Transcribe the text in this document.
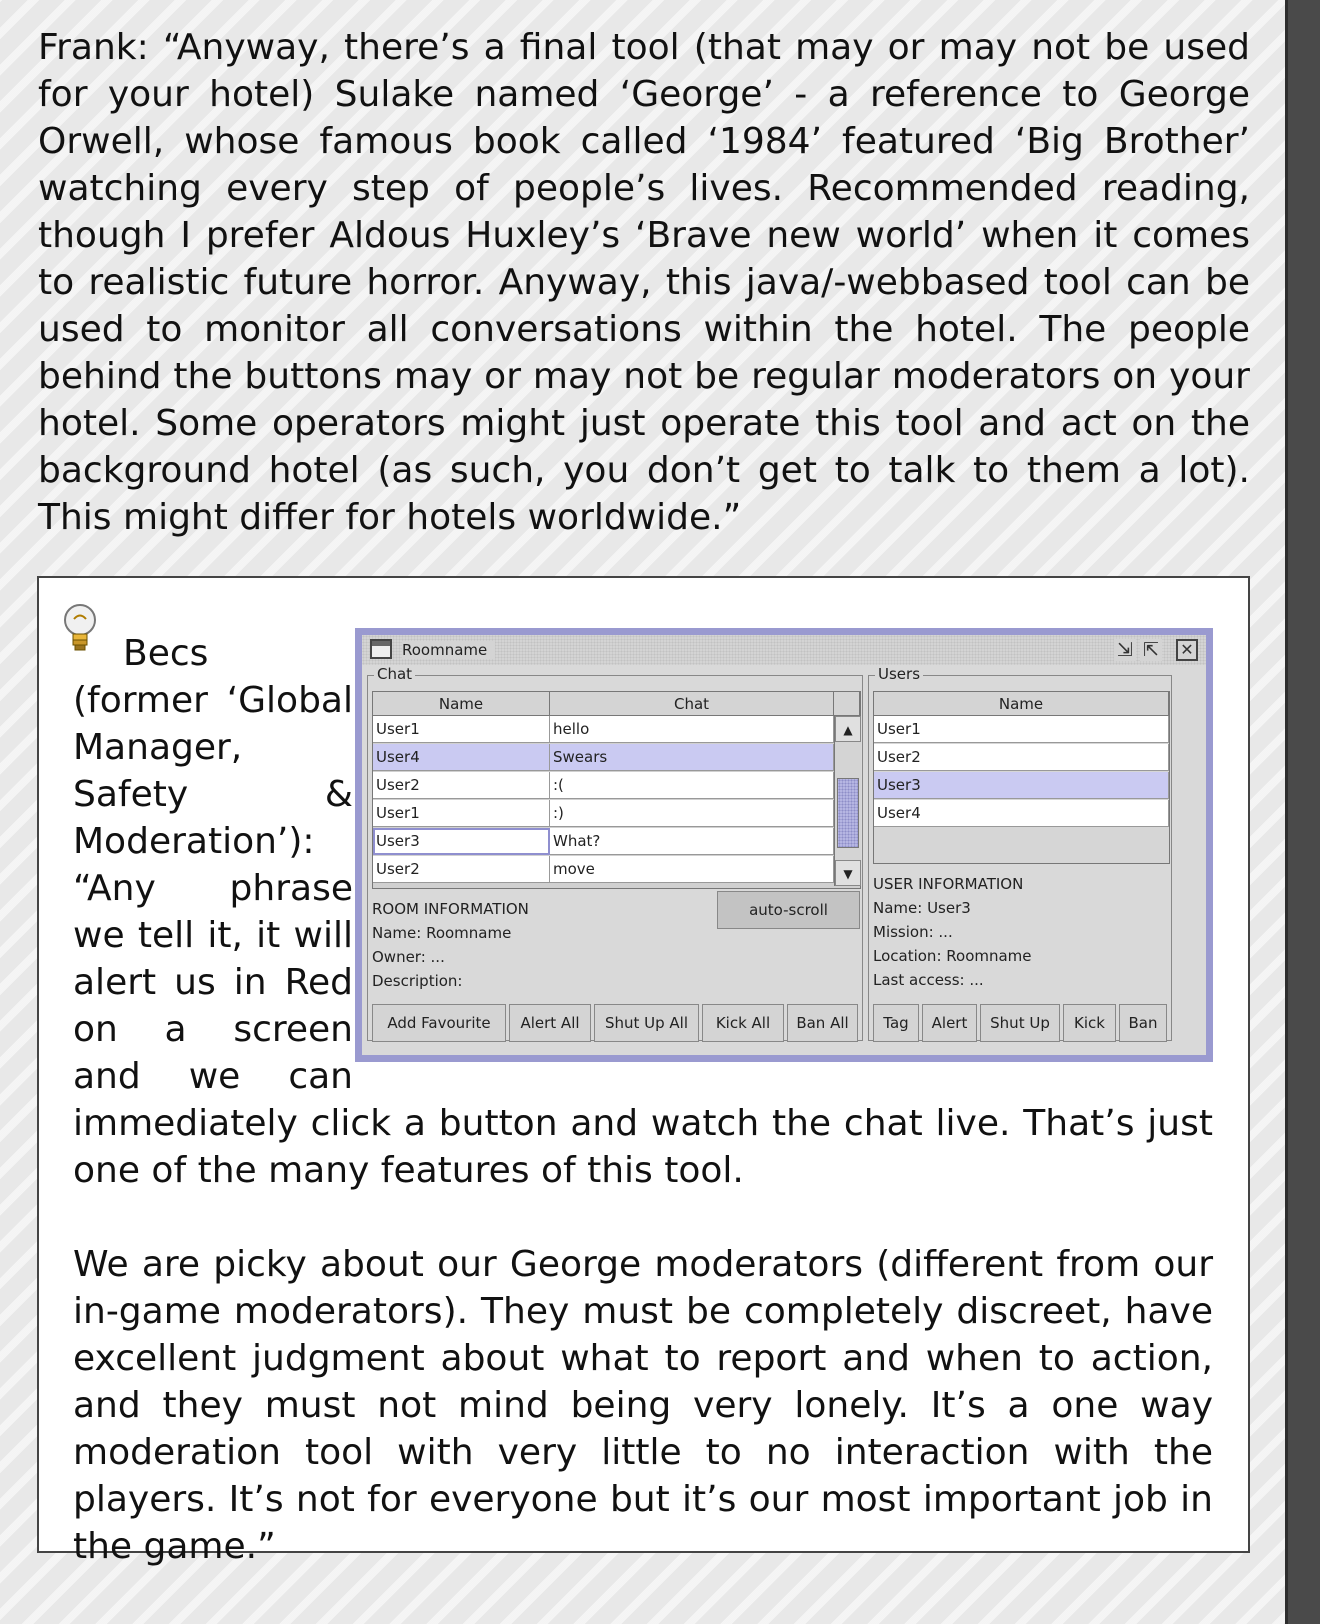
Frank: “Anyway, there’s a final tool (that may or may not be used for your hotel) Sulake named ‘George’ - a reference to George Orwell, whose famous book called ‘1984’ featured ‘Big Brother’ watching every step of people’s lives. Recommended reading, though I prefer Aldous Huxley’s ‘Brave new world’ when it comes to realistic future horror. Anyway, this java/-webbased tool can be used to monitor all conversations within the hotel. The people behind the buttons may or may not be regular moderators on your hotel. Some operators might just operate this tool and act on the background hotel (as such, you don’t get to talk to them a lot). This might differ for hotels worldwide.”

Becs (former ‘Global Manager, Safety & Moderation’): “Any phrase we tell it, it will alert us in Red on a screen and we can immediately click a button and watch the chat live. That’s just one of the many features of this tool.

We are picky about our George moderators (different from our in-game moderators). They must be completely discreet, have excellent judgment about what to report and when to action, and they must not mind being very lonely. It’s a one way moderation tool with very little to no interaction with the players. It’s not for everyone but it’s our most important job in the game.”

Roomname	⇲ ⇱ ✕
Chat
Name	Chat
User1	hello
User4	Swears
User2	:(
User1	:)
User3	What?
User2	move
▲
▼
ROOM INFORMATION
Name: Roomname
Owner: ...
Description:
auto-scroll
Add Favourite	Alert All	Shut Up All	Kick All	Ban All
Users
Name
User1
User2
User3
User4
USER INFORMATION
Name: User3
Mission: ...
Location: Roomname
Last access: ...
Tag	Alert	Shut Up	Kick	Ban
